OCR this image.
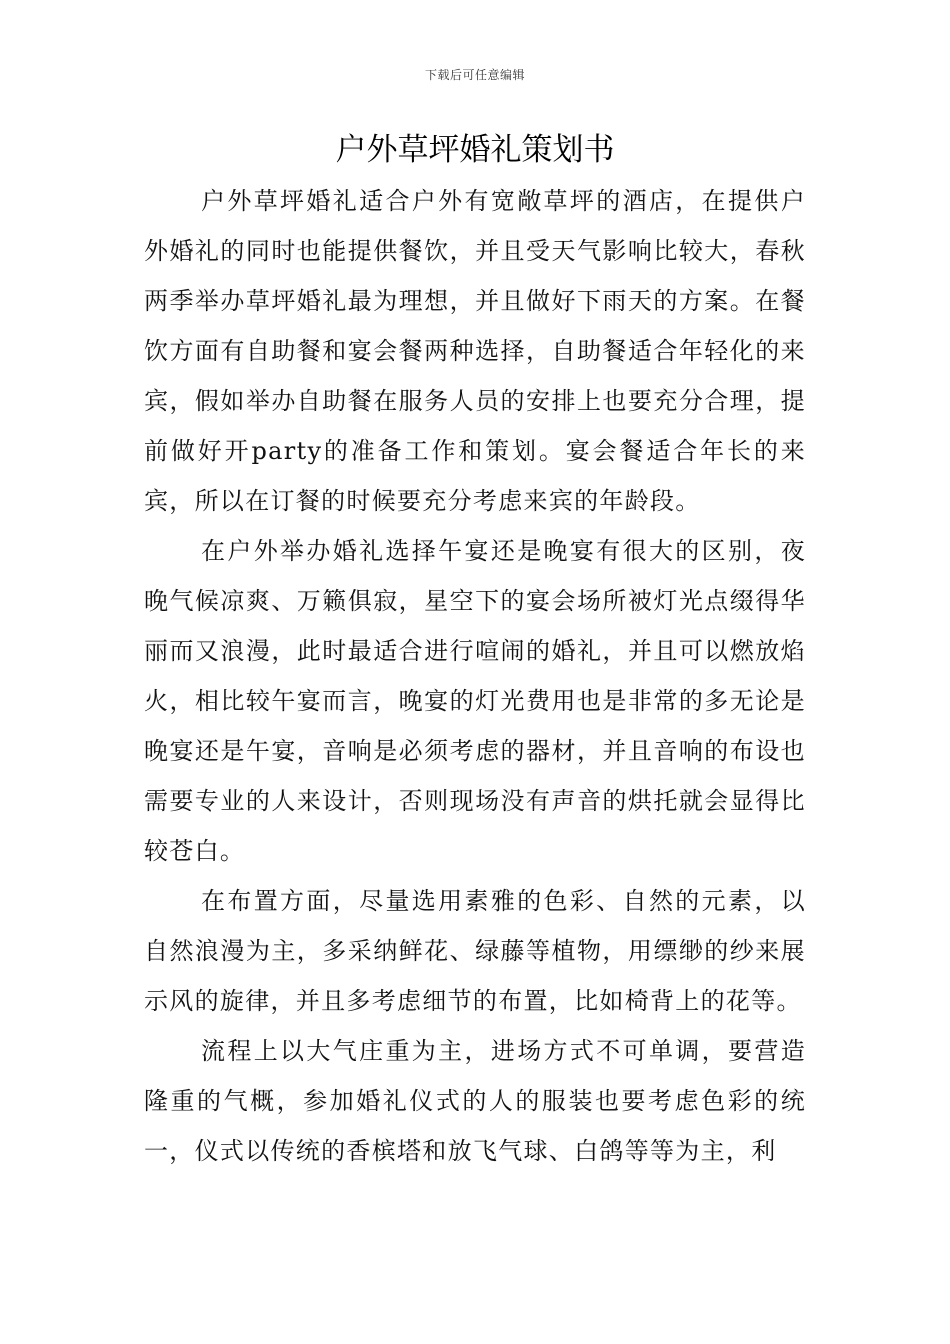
下载后可任意编辑
户外草坪婚礼策划书

户外草坪婚礼适合户外有宽敞草坪的酒店，在提供户外婚礼的同时也能提供餐饮，并且受天气影响比较大，春秋两季举办草坪婚礼最为理想，并且做好下雨天的方案。在餐饮方面有自助餐和宴会餐两种选择，自助餐适合年轻化的来宾，假如举办自助餐在服务人员的安排上也要充分合理，提前做好开party的准备工作和策划。宴会餐适合年长的来宾，所以在订餐的时候要充分考虑来宾的年龄段。

在户外举办婚礼选择午宴还是晚宴有很大的区别，夜晚气候凉爽、万籁俱寂，星空下的宴会场所被灯光点缀得华丽而又浪漫，此时最适合进行喧闹的婚礼，并且可以燃放焰火，相比较午宴而言，晚宴的灯光费用也是非常的多无论是晚宴还是午宴，音响是必须考虑的器材，并且音响的布设也需要专业的人来设计，否则现场没有声音的烘托就会显得比较苍白。

在布置方面，尽量选用素雅的色彩、自然的元素，以自然浪漫为主，多采纳鲜花、绿藤等植物，用缥缈的纱来展示风的旋律，并且多考虑细节的布置，比如椅背上的花等。

流程上以大气庄重为主，进场方式不可单调，要营造隆重的气概，参加婚礼仪式的人的服装也要考虑色彩的统一，仪式以传统的香槟塔和放飞气球、白鸽等等为主，利
